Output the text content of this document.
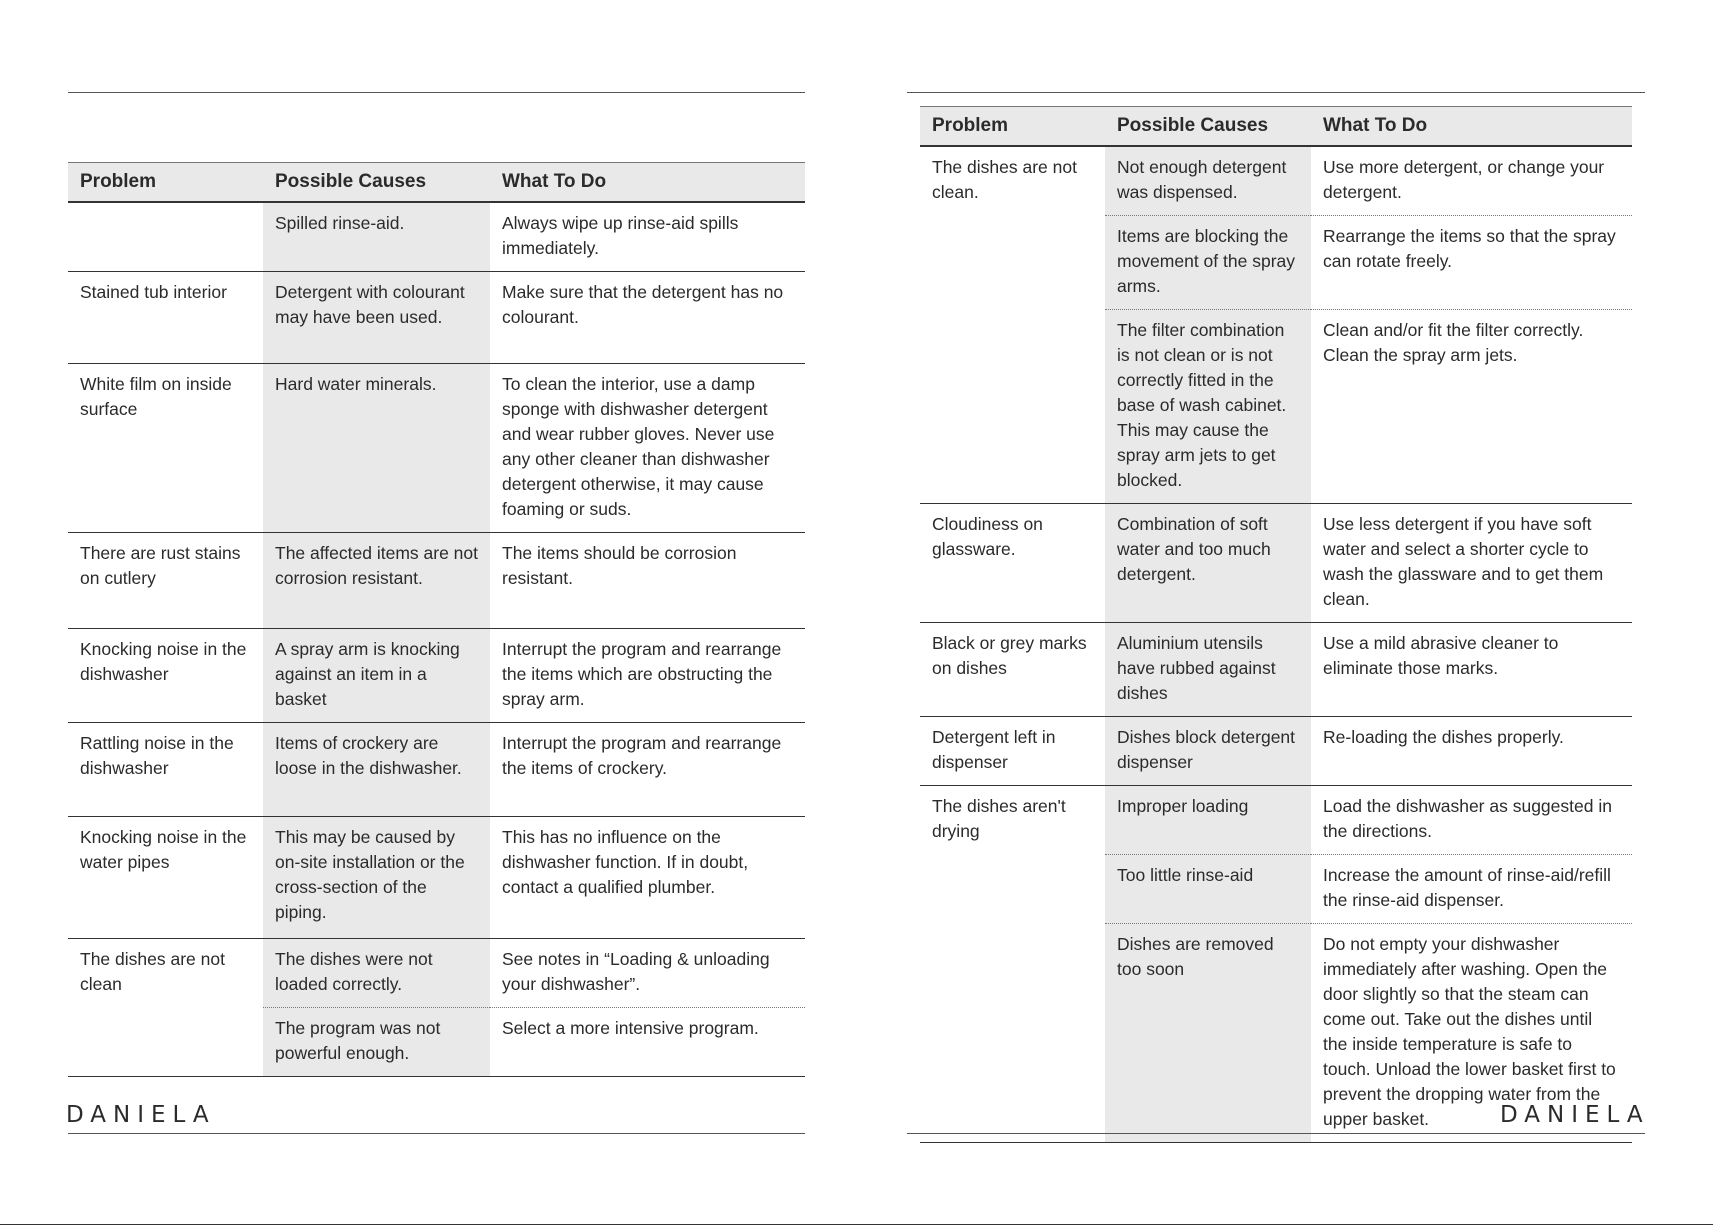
Problem	Possible Causes	What To Do
	Spilled rinse-aid.	Always wipe up rinse-aid spills immediately.
Stained tub interior	Detergent with colourant may have been used.	Make sure that the detergent has no colourant.
White film on inside surface	Hard water minerals.	To clean the interior, use a damp sponge with dishwasher detergent and wear rubber gloves. Never use any other cleaner than dishwasher detergent otherwise, it may cause foaming or suds.
There are rust stains on cutlery	The affected items are not corrosion resistant.	The items should be corrosion resistant.
Knocking noise in the dishwasher	A spray arm is knocking against an item in a basket	Interrupt the program and rearrange the items which are obstructing the spray arm.
Rattling noise in the dishwasher	Items of crockery are loose in the dishwasher.	Interrupt the program and rearrange the items of crockery.
Knocking noise in the water pipes	This may be caused by on-site installation or the cross-section of the piping.	This has no influence on the dishwasher function. If in doubt, contact a qualified plumber.
The dishes are not clean	The dishes were not loaded correctly.	See notes in “Loading & unloading your dishwasher”.
	The program was not powerful enough.	Select a more intensive program.
DANIELA
Problem	Possible Causes	What To Do
The dishes are not clean.	Not enough detergent was dispensed.	Use more detergent, or change your detergent.
	Items are blocking the movement of the spray arms.	Rearrange the items so that the spray can rotate freely.
	The filter combination is not clean or is not correctly fitted in the base of wash cabinet. This may cause the spray arm jets to get blocked.	Clean and/or fit the filter correctly. Clean the spray arm jets.
Cloudiness on glassware.	Combination of soft water and too much detergent.	Use less detergent if you have soft water and select a shorter cycle to wash the glassware and to get them clean.
Black or grey marks on dishes	Aluminium utensils have rubbed against dishes	Use a mild abrasive cleaner to eliminate those marks.
Detergent left in dispenser	Dishes block detergent dispenser	Re-loading the dishes properly.
The dishes aren't drying	Improper loading	Load the dishwasher as suggested in the directions.
	Too little rinse-aid	Increase the amount of rinse-aid/refill the rinse-aid dispenser.
	Dishes are removed too soon	Do not empty your dishwasher immediately after washing. Open the door slightly so that the steam can come out. Take out the dishes until the inside temperature is safe to touch. Unload the lower basket first to prevent the dropping water from the upper basket.	DANIELA
